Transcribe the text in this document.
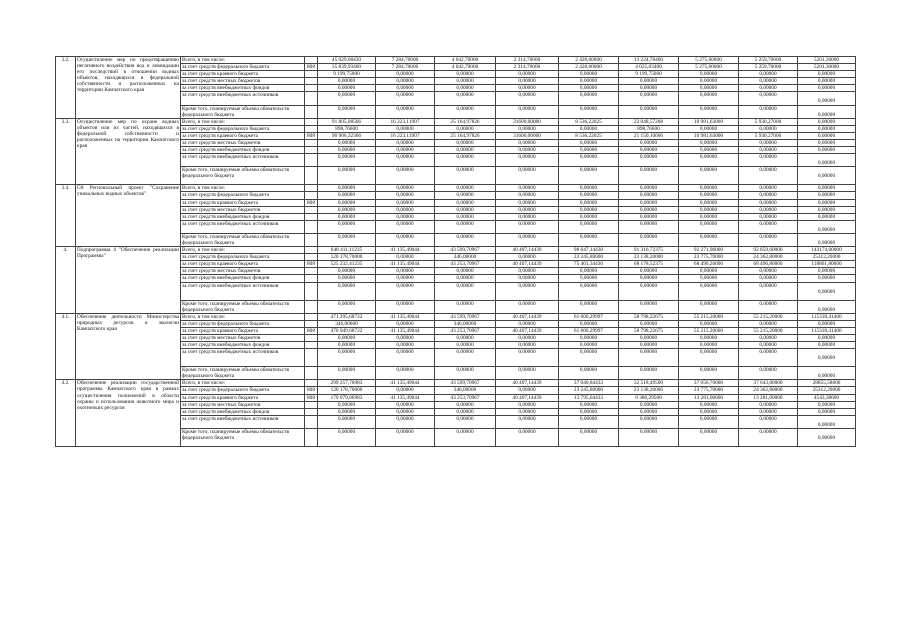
3.2.	Осуществление мер по предотвращению негативного воздействия вод и ликвидации его последствий в отношении водных объектов, находящихся в федеральной собственности и расположенных на территории Камчатского края	Всего, в том числе:		45 029,68430	7 284,70000	4 042,70000	2 314,70000	2 428,60000	13 224,78400	5 275,60000	5 259,70000	5201,30000
		за счет средств федерального бюджета	808	35 839,93400	7 284,70000	4 042,70000	2 314,70000	2 428,60000	4 025,03400	5 275,60000	5 259,70000	5201,30000
		за счет средств краевого бюджета		9 199,75000	0,00000	0,00000	0,00000	0,00000	9 199,75000	0,00000	0,00000	0,00000
		за счет средств местных бюджетов		0,00000	0,00000	0,00000	0,00000	0,00000	0,00000	0,00000	0,00000	0,00000
		за счет средств внебюджетных фондов		0,00000	0,00000	0,00000	0,00000	0,00000	0,00000	0,00000	0,00000	0,00000
		за счет средств внебюджетных источников		0,00000	0,00000	0,00000	0,00000	0,00000	0,00000	0,00000	0,00000	0,00000

		Кроме того, планируемые объемы обязательств федерального бюджета		0,00000	0,00000	0,00000	0,00000	0,00000	0,00000	0,00000	0,00000	0,00000

3.3.	Осуществление мер по охране водных объектов или их частей, находящихся в федеральной собственности и расположенных на территории Камчатского края	Всего, в том числе:		91 805,08566	16 223,11907	25 164,97826	31600,00000	8 536,22025	22 048,57208	10 981,63000	5 930,27000	0,00000
		за счет средств федерального бюджета		898,76600	0,00000	0,00000	0,00000	0,00000	898,76600	0,00000	0,00000	0,00000
		за счет средств краевого бюджета	808	90 906,32366	16 223,11907	25 164,97826	31600,00000	8 536,22025	21 150,10606	10 981,63000	5 930,27000	0,00000
		за счет средств местных бюджетов		0,00000	0,00000	0,00000	0,00000	0,00000	0,00000	0,00000	0,00000	0,00000
		за счет средств внебюджетных фондов		0,00000	0,00000	0,00000	0,00000	0,00000	0,00000	0,00000	0,00000	0,00000
		за счет средств внебюджетных источников		0,00000	0,00000	0,00000	0,00000	0,00000	0,00000	0,00000	0,00000	0,00000

		Кроме того, планируемые объемы обязательств федерального бюджета		0,00000	0,00000	0,00000	0,00000	0,00000	0,00000	0,00000	0,00000	0,00000

3.4.	G8 Региональный проект "Сохранение уникальных водных объектов"	Всего, в том числе:		0,00000	0,00000	0,00000	0,00000	0,00000	0,00000	0,00000	0,00000	0,00000
		за счет средств федерального бюджета		0,00000	0,00000	0,00000	0,00000	0,00000	0,00000	0,00000	0,00000	0,00000
		за счет средств краевого бюджета	808	0,00000	0,00000	0,00000	0,00000	0,00000	0,00000	0,00000	0,00000	0,00000
		за счет средств местных бюджетов		0,00000	0,00000	0,00000	0,00000	0,00000	0,00000	0,00000	0,00000	0,00000
		за счет средств внебюджетных фондов		0,00000	0,00000	0,00000	0,00000	0,00000	0,00000	0,00000	0,00000	0,00000
		за счет средств внебюджетных источников		0,00000	0,00000	0,00000	0,00000	0,00000	0,00000	0,00000	0,00000	0,00000

		Кроме того, планируемые объемы обязательств федерального бюджета		0,00000	0,00000	0,00000	0,00000	0,00000	0,00000	0,00000	0,00000	0,00000

4.	Подпрограмма 4 "Обеспечение реализации Программы"	Всего, в том числе:		648 411,11235	41 135,49044	43 599,70967	40 407,14439	98 647,14430	91 316,72375	92 271,96000	92 859,60000	143174,00000
		за счет средств федерального бюджета		120 178,70000	0,00000	346,00000	0,00000	23 245,80000	23 138,20000	23 775,70000	24 362,80000	25312,20000
		за счет средств краевого бюджета	808	525 232,41235	41 135,49044	43 253,70967	40 407,14439	75 401,34430	68 178,52375	68 496,26000	68 496,80000	118861,80000
		за счет средств местных бюджетов		0,00000	0,00000	0,00000	0,00000	0,00000	0,00000	0,00000	0,00000	0,00000
		за счет средств внебюджетных фондов		0,00000	0,00000	0,00000	0,00000	0,00000	0,00000	0,00000	0,00000	0,00000
		за счет средств внебюджетных источников		0,00000	0,00000	0,00000	0,00000	0,00000	0,00000	0,00000	0,00000	0,00000

		Кроме того, планируемые объемы обязательств федерального бюджета		0,00000	0,00000	0,00000	0,00000	0,00000	0,00000	0,00000	0,00000	0,00000

4.1.	Обеспечение деятельности Министерства природных ресурсов и экологии Камчатского края	Всего, в том числе:		471 295,68722	41 135,49044	43 599,70967	40 407,14439	61 606,29997	58 798,22675	55 215,20000	55 215,20000	115318,41400
		за счет средств федерального бюджета		346,00000	0,00000	346,00000	0,00000	0,00000	0,00000	0,00000	0,00000	0,00000
		за счет средств краевого бюджета	808	470 949,68722	41 135,49044	43 253,70967	40 407,14439	61 606,29997	58 798,22675	55 215,20000	55 215,20000	115318,41400
		за счет средств местных бюджетов		0,00000	0,00000	0,00000	0,00000	0,00000	0,00000	0,00000	0,00000	0,00000
		за счет средств внебюджетных фондов		0,00000	0,00000	0,00000	0,00000	0,00000	0,00000	0,00000	0,00000	0,00000
		за счет средств внебюджетных источников		0,00000	0,00000	0,00000	0,00000	0,00000	0,00000	0,00000	0,00000	0,00000

		Кроме того, планируемые объемы обязательств федерального бюджета		0,00000	0,00000	0,00000	0,00000	0,00000	0,00000	0,00000	0,00000	0,00000

4.2.	Обеспечение реализации государственной программы Камчатского края в рамках осуществления полномочий в области охраны и использования животного мира и охотничьих ресурсов	Всего, в том числе:		299 257,76983	41 135,49044	43 599,70967	40 407,14439	37 040,84433	32 518,49500	37 056,70000	37 643,80000	28855,58600
		за счет средств федерального бюджета	808	120 178,70000	0,00000	346,00000	0,00000	23 245,80000	23 138,20000	23 775,70000	24 362,80000	25312,20000
		за счет средств краевого бюджета	808	179 079,06983	41 135,49044	43 253,70967	40 407,14439	13 795,04433	9 380,29500	13 281,00000	13 281,00000	4543,38600
		за счет средств местных бюджетов		0,00000	0,00000	0,00000	0,00000	0,00000	0,00000	0,00000	0,00000	0,00000
		за счет средств внебюджетных фондов		0,00000	0,00000	0,00000	0,00000	0,00000	0,00000	0,00000	0,00000	0,00000
		за счет средств внебюджетных источников		0,00000	0,00000	0,00000	0,00000	0,00000	0,00000	0,00000	0,00000	0,00000

		Кроме того, планируемые объемы обязательств федерального бюджета		0,00000	0,00000	0,00000	0,00000	0,00000	0,00000	0,00000	0,00000	0,00000
